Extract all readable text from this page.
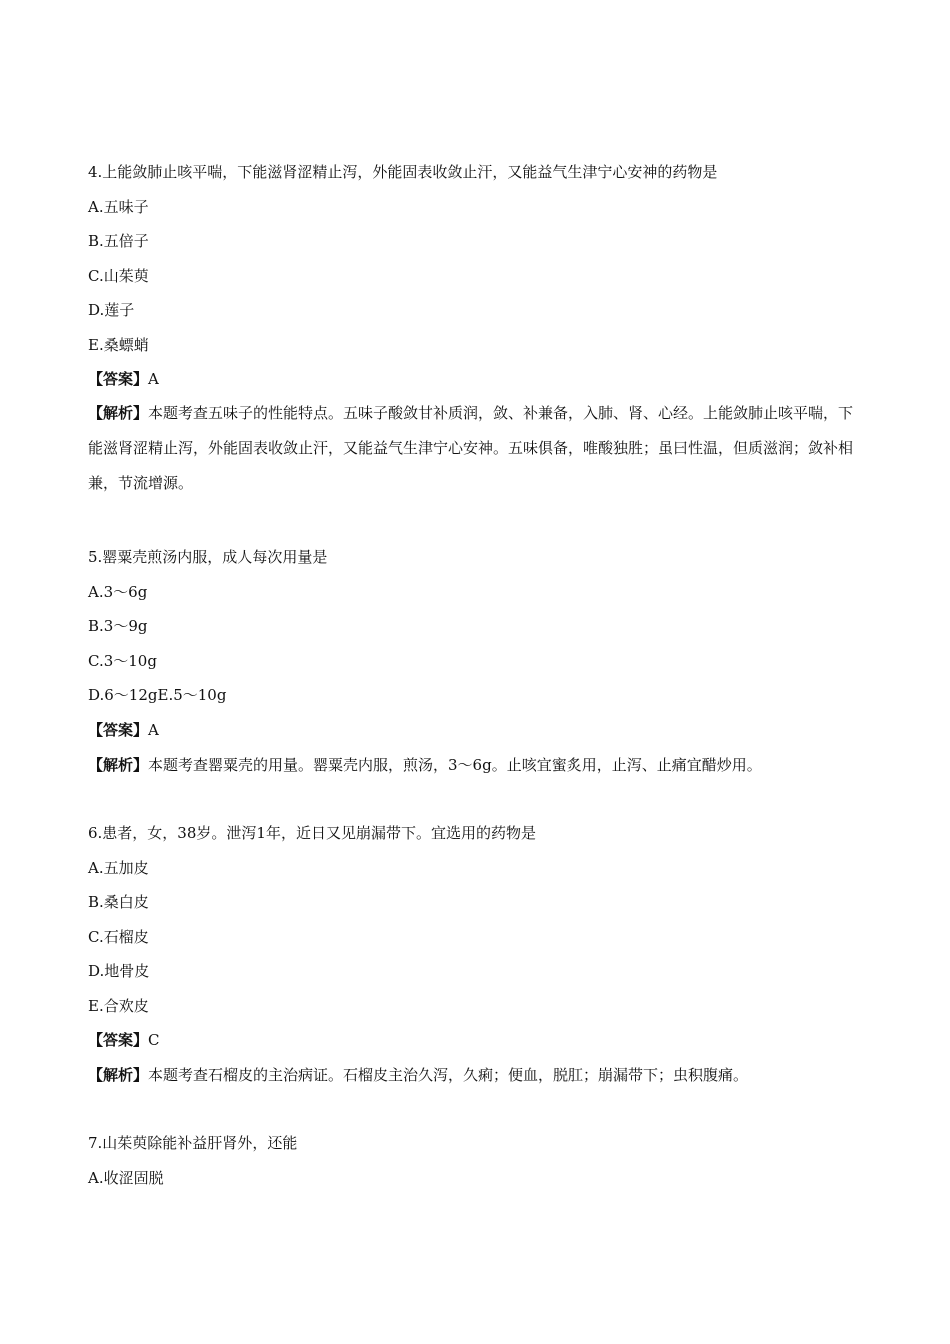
4.上能敛肺止咳平喘，下能滋肾涩精止泻，外能固表收敛止汗，又能益气生津宁心安神的药物是
A.五味子
B.五倍子
C.山茱萸
D.莲子
E.桑螵蛸
【答案】A
【解析】本题考查五味子的性能特点。五味子酸敛甘补质润，敛、补兼备，入肺、肾、心经。上能敛肺止咳平喘，下能滋肾涩精止泻，外能固表收敛止汗，又能益气生津宁心安神。五味俱备，唯酸独胜；虽曰性温，但质滋润；敛补相兼，节流增源。
5.罂粟壳煎汤内服，成人每次用量是
A.3～6g
B.3～9g
C.3～10g
D.6～12gE.5～10g
【答案】A
【解析】本题考查罂粟壳的用量。罂粟壳内服，煎汤，3～6g。止咳宜蜜炙用，止泻、止痛宜醋炒用。
6.患者，女，38岁。泄泻1年，近日又见崩漏带下。宜选用的药物是
A.五加皮
B.桑白皮
C.石榴皮
D.地骨皮
E.合欢皮
【答案】C
【解析】本题考查石榴皮的主治病证。石榴皮主治久泻，久痢；便血，脱肛；崩漏带下；虫积腹痛。
7.山茱萸除能补益肝肾外，还能
A.收涩固脱
